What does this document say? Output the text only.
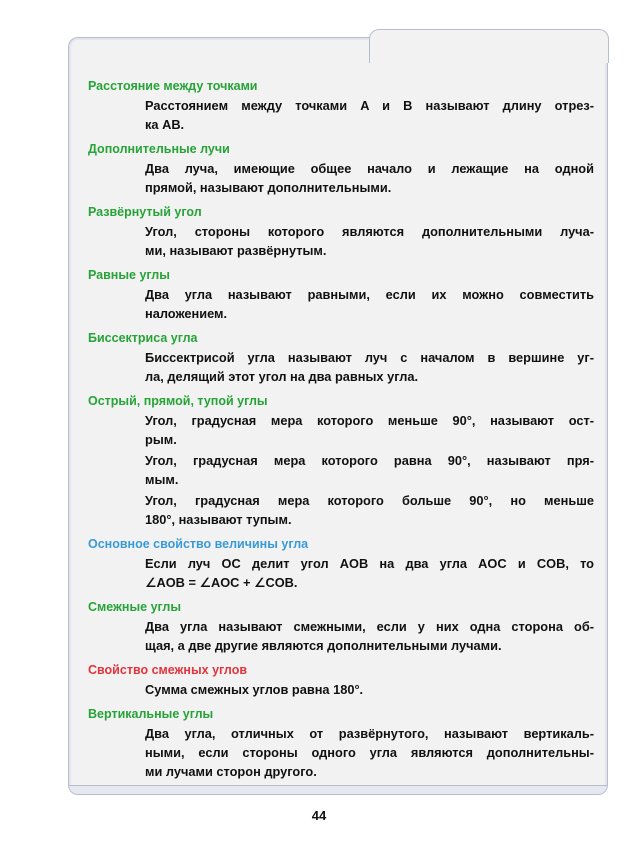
Расстояние между точками
Расстояниeм между точками A и B называют длину отрез-
ка AB.
Дополнительные лучи
Два луча, имеющие общее начало и лежащие на одной
прямой, называют дополнительными.
Развёрнутый угол
Угол, стороны которого являются дополнительными луча-
ми, называют развёрнутым.
Равные углы
Два угла называют равными, если их можно совместить
наложением.
Биссектриса угла
Биссектрисой угла называют луч с началом в вершине уг-
ла, делящий этот угол на два равных угла.
Острый, прямой, тупой углы
Угол, градусная мера которого меньше 90°, называют ост-
рым.
Угол, градусная мера которого равна 90°, называют пря-
мым.
Угол, градусная мера которого больше 90°, но меньше
180°, называют тупым.
Основное свойство величины угла
Если луч OC делит угол AOB на два угла AOC и COB, то
∠AOB = ∠AOC + ∠COB.
Смежные углы
Два угла называют смежными, если у них одна сторона об-
щая, а две другие являются дополнительными лучами.
Свойство смежных углов
Сумма смежных углов равна 180°.
Вертикальные углы
Два угла, отличных от развёрнутого, называют вертикаль-
ными, если стороны одного угла являются дополнительны-
ми лучами сторон другого.
44
